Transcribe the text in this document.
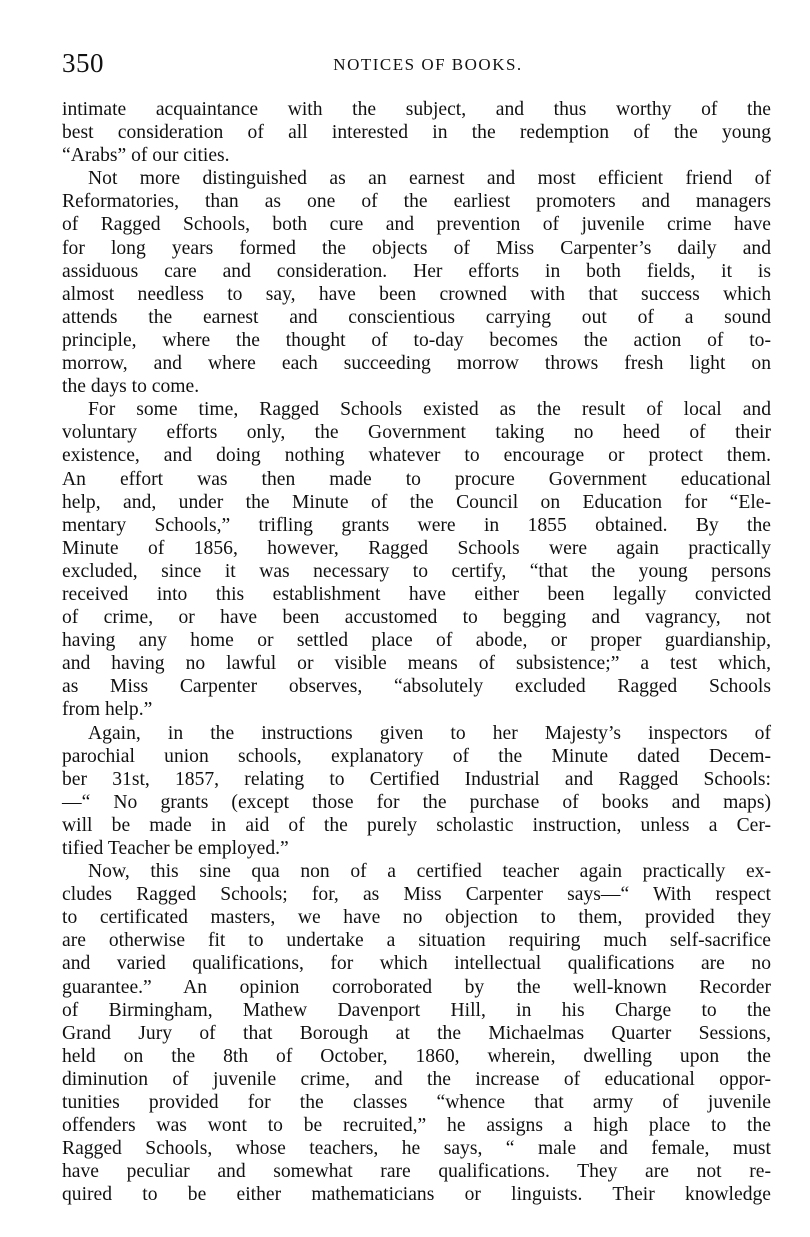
350	NOTICES OF BOOKS.
intimate acquaintance with the subject, and thus worthy of the
best consideration of all interested in the redemption of the young
“Arabs” of our cities.
Not more distinguished as an earnest and most efficient friend of
Reformatories, than as one of the earliest promoters and managers
of Ragged Schools, both cure and prevention of juvenile crime have
for long years formed the objects of Miss Carpenter’s daily and
assiduous care and consideration. Her efforts in both fields, it is
almost needless to say, have been crowned with that success which
attends the earnest and conscientious carrying out of a sound
principle, where the thought of to-day becomes the action of to-
morrow, and where each succeeding morrow throws fresh light on
the days to come.
For some time, Ragged Schools existed as the result of local and
voluntary efforts only, the Government taking no heed of their
existence, and doing nothing whatever to encourage or protect them.
An effort was then made to procure Government educational
help, and, under the Minute of the Council on Education for “Ele-
mentary Schools,” trifling grants were in 1855 obtained. By the
Minute of 1856, however, Ragged Schools were again practically
excluded, since it was necessary to certify, “that the young persons
received into this establishment have either been legally convicted
of crime, or have been accustomed to begging and vagrancy, not
having any home or settled place of abode, or proper guardianship,
and having no lawful or visible means of subsistence;” a test which,
as Miss Carpenter observes, “absolutely excluded Ragged Schools
from help.”
Again, in the instructions given to her Majesty’s inspectors of
parochial union schools, explanatory of the Minute dated Decem-
ber 31st, 1857, relating to Certified Industrial and Ragged Schools:
—“ No grants (except those for the purchase of books and maps)
will be made in aid of the purely scholastic instruction, unless a Cer-
tified Teacher be employed.”
Now, this sine qua non of a certified teacher again practically ex-
cludes Ragged Schools; for, as Miss Carpenter says—“ With respect
to certificated masters, we have no objection to them, provided they
are otherwise fit to undertake a situation requiring much self-sacrifice
and varied qualifications, for which intellectual qualifications are no
guarantee.” An opinion corroborated by the well-known Recorder
of Birmingham, Mathew Davenport Hill, in his Charge to the
Grand Jury of that Borough at the Michaelmas Quarter Sessions,
held on the 8th of October, 1860, wherein, dwelling upon the
diminution of juvenile crime, and the increase of educational oppor-
tunities provided for the classes “whence that army of juvenile
offenders was wont to be recruited,” he assigns a high place to the
Ragged Schools, whose teachers, he says, “ male and female, must
have peculiar and somewhat rare qualifications. They are not re-
quired to be either mathematicians or linguists. Their knowledge
